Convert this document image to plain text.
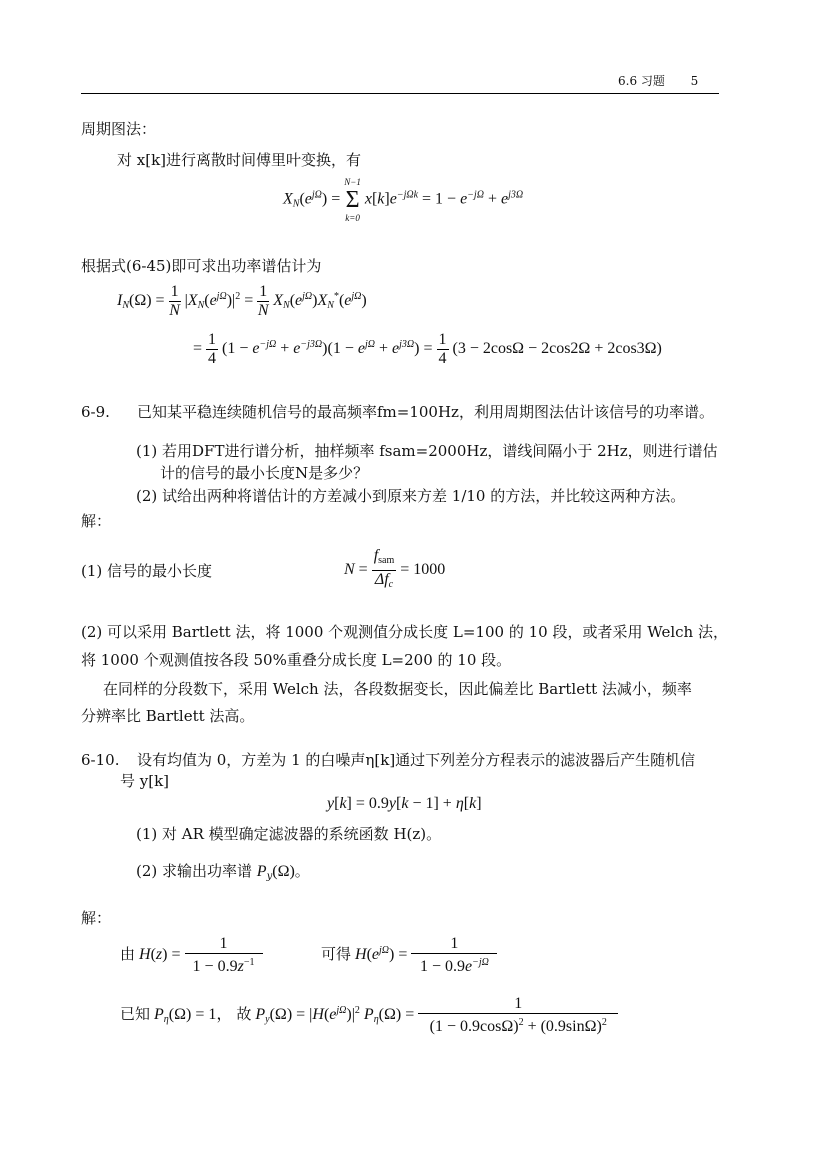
6.6 习题 5
周期图法：
对 x[k]进行离散时间傅里叶变换，有
$X_N(e^{j\Omega})$ =
N−1
Σ
k=0
$x[k]e^{-j\Omega k} = 1 - e^{-j\Omega} + e^{j3\Omega}$
根据式(6-45)即可求出功率谱估计为
$I_N(\Omega) = \frac{1}{N} |X_N(e^{j\Omega})|^2 = \frac{1}{N} X_N(e^{j\Omega})X_N^*(e^{j\Omega})$
= $\frac{1}{4} (1 - e^{-j\Omega} + e^{-j3\Omega})(1 - e^{j\Omega} + e^{j3\Omega}) = \frac{1}{4} (3 - 2\cos\Omega - 2\cos 2\Omega + 2\cos 3\Omega)$
6-9. 已知某平稳连续随机信号的最高频率fm=100Hz，利用周期图法估计该信号的功率谱。
(1) 若用DFT进行谱分析，抽样频率 fsam=2000Hz，谱线间隔小于 2Hz，则进行谱估
计的信号的最小长度N是多少？
(2) 试给出两种将谱估计的方差减小到原来方差 1/10 的方法，并比较这两种方法。
解：
(1) 信号的最小长度	$N = \frac{f_{sam}}{\Delta f_c} = 1000$
(2) 可以采用 Bartlett 法，将 1000 个观测值分成长度 L=100 的 10 段，或者采用 Welch 法，
将 1000 个观测值按各段 50%重叠分成长度 L=200 的 10 段。
在同样的分段数下，采用 Welch 法，各段数据变长，因此偏差比 Bartlett 法减小，频率
分辨率比 Bartlett 法高。
6-10. 设有均值为 0，方差为 1 的白噪声η[k]通过下列差分方程表示的滤波器后产生随机信
号 y[k]
y[k] = 0.9y[k − 1] + η[k]
(1) 对 AR 模型确定滤波器的系统函数 H(z)。
(2) 求输出功率谱 $P_y(\Omega)$。
解：
由 $H(z) = \frac{1}{1 - 0.9z^{-1}}$	可得 $H(e^{j\Omega}) = \frac{1}{1 - 0.9e^{-j\Omega}}$
已知 $P_\eta(\Omega) = 1$， 故 $P_y(\Omega) = |H(e^{j\Omega})|^2$ $P_\eta(\Omega) = \frac{1}{(1 - 0.9\cos\Omega)^2 + (0.9\sin\Omega)^2}$
